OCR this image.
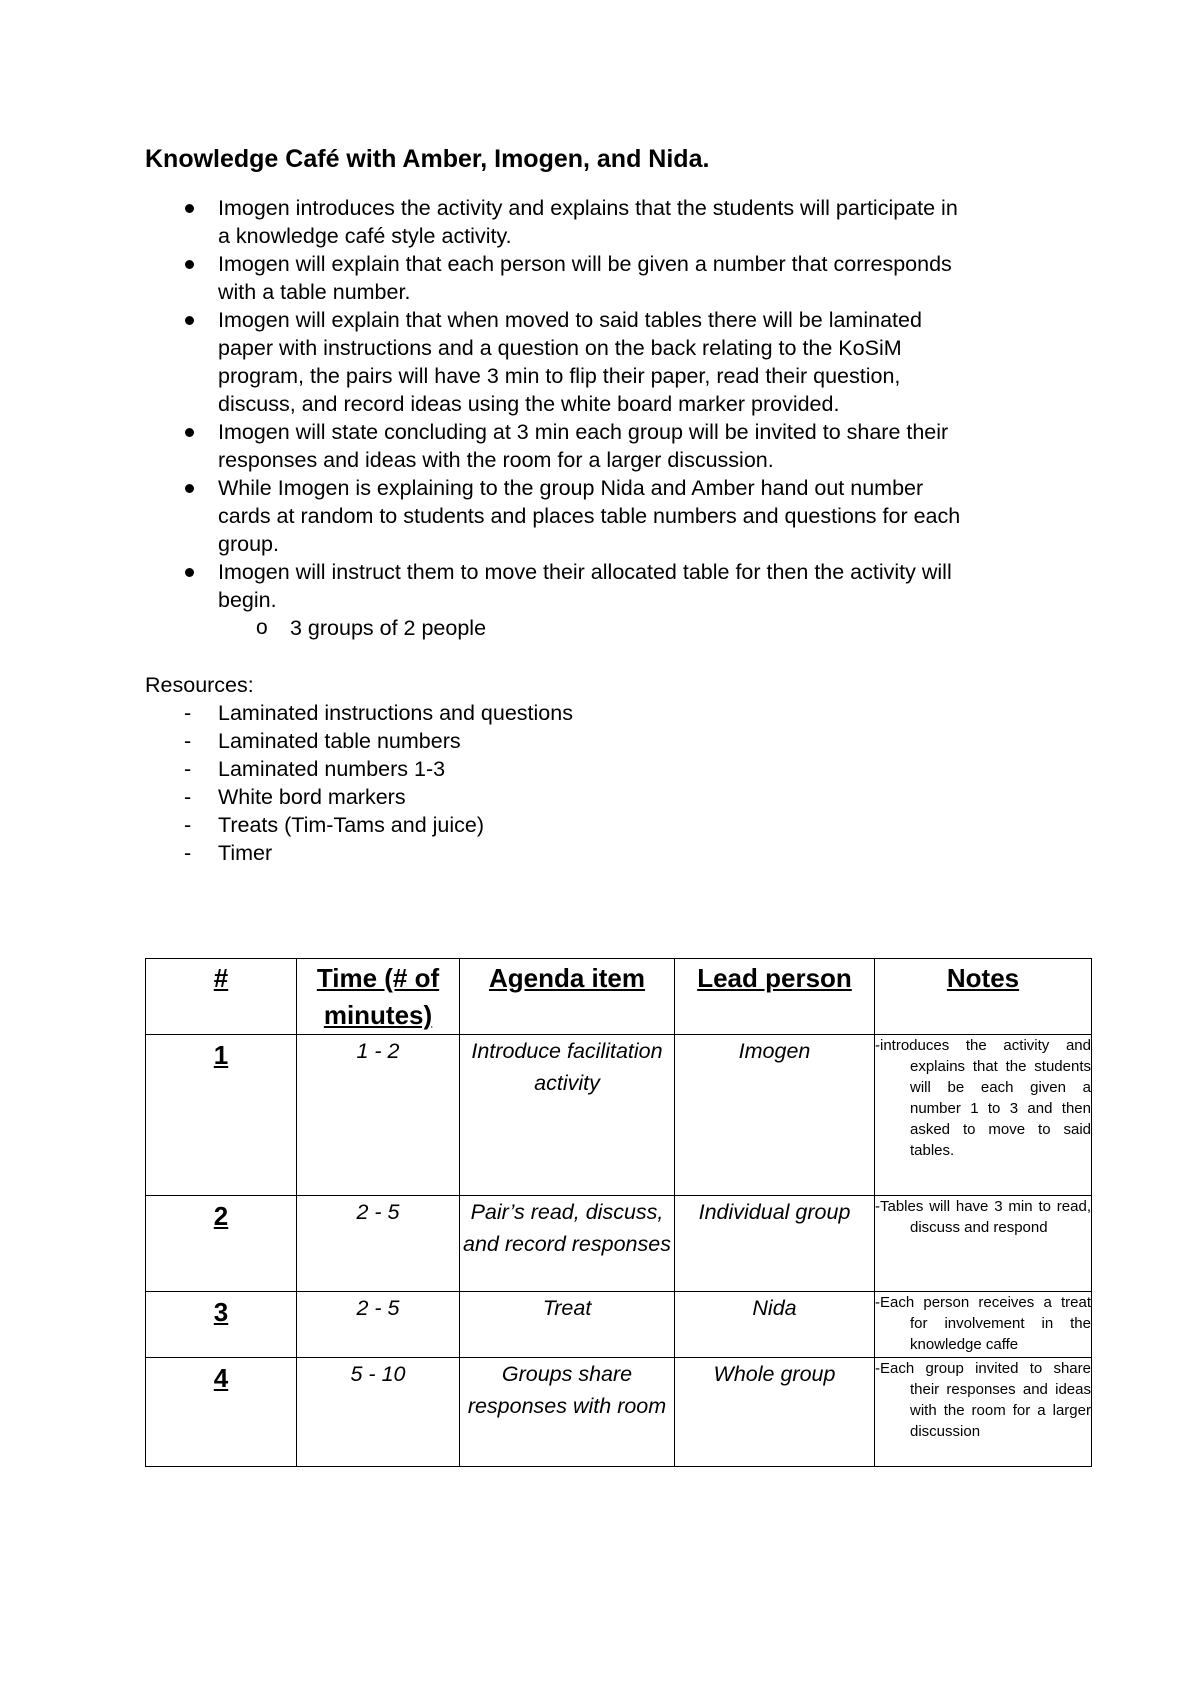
Knowledge Café with Amber, Imogen, and Nida.
Imogen introduces the activity and explains that the students will participate in
a knowledge café style activity.
Imogen will explain that each person will be given a number that corresponds
with a table number.
Imogen will explain that when moved to said tables there will be laminated
paper with instructions and a question on the back relating to the KoSiM
program, the pairs will have 3 min to flip their paper, read their question,
discuss, and record ideas using the white board marker provided.
Imogen will state concluding at 3 min each group will be invited to share their
responses and ideas with the room for a larger discussion.
While Imogen is explaining to the group Nida and Amber hand out number
cards at random to students and places table numbers and questions for each
group.
Imogen will instruct them to move their allocated table for then the activity will
begin.
o	3 groups of 2 people
Resources:
- Laminated instructions and questions
- Laminated table numbers
- Laminated numbers 1-3
- White bord markers
- Treats (Tim-Tams and juice)
- Timer
#	Time (# of minutes)	Agenda item	Lead person	Notes
1	1 - 2	Introduce facilitation activity	Imogen	-introduces the activity and explains that the students will be each given a number 1 to 3 and then asked to move to said tables.

2	2 - 5	Pair’s read, discuss, and record responses	Individual group	-Tables will have 3 min to read, discuss and respond

3	2 - 5	Treat	Nida	-Each person receives a treat for involvement in the knowledge caffe

4	5 - 10	Groups share responses with room	Whole group	-Each group invited to share their responses and ideas with the room for a larger discussion
